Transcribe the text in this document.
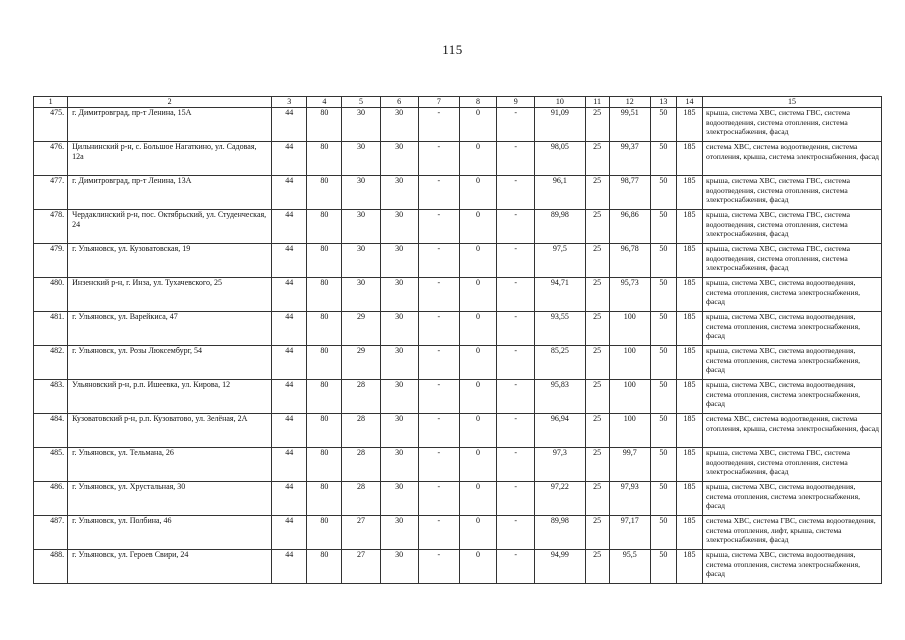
115
1	2	3	4	5	6	7	8	9	10	11	12	13	14	15
475.	г. Димитровград, пр-т Ленина, 15А	44	80	30	30	-	0	-	91,09	25	99,51	50	185	крыша, система ХВС, система ГВС, система водоотведения, система отопления, система электроснабжения, фасад
476.	Цильнинский р-н, с. Большое Нагаткино, ул. Садовая, 12а	44	80	30	30	-	0	-	98,05	25	99,37	50	185	система ХВС, система водоотведения, система отопления, крыша, система электроснабжения, фасад
477.	г. Димитровград, пр-т Ленина, 13А	44	80	30	30	-	0	-	96,1	25	98,77	50	185	крыша, система ХВС, система ГВС, система водоотведения, система отопления, система электроснабжения, фасад
478.	Чердаклинский р-н, пос. Октябрьский, ул. Студенческая, 24	44	80	30	30	-	0	-	89,98	25	96,86	50	185	крыша, система ХВС, система ГВС, система водоотведения, система отопления, система электроснабжения, фасад
479.	г. Ульяновск, ул. Кузоватовская, 19	44	80	30	30	-	0	-	97,5	25	96,78	50	185	крыша, система ХВС, система ГВС, система водоотведения, система отопления, система электроснабжения, фасад
480.	Инзенский р-н, г. Инза, ул. Тухачевского, 25	44	80	30	30	-	0	-	94,71	25	95,73	50	185	крыша, система ХВС, система водоотведения, система отопления, система электроснабжения, фасад
481.	г. Ульяновск, ул. Варейкиса, 47	44	80	29	30	-	0	-	93,55	25	100	50	185	крыша, система ХВС, система водоотведения, система отопления, система электроснабжения, фасад
482.	г. Ульяновск, ул. Розы Люксембург, 54	44	80	29	30	-	0	-	85,25	25	100	50	185	крыша, система ХВС, система водоотведения, система отопления, система электроснабжения, фасад
483.	Ульяновский р-н, р.п. Ишеевка, ул. Кирова, 12	44	80	28	30	-	0	-	95,83	25	100	50	185	крыша, система ХВС, система водоотведения, система отопления, система электроснабжения, фасад
484.	Кузоватовский р-н, р.п. Кузоватово, ул. Зелёная, 2А	44	80	28	30	-	0	-	96,94	25	100	50	185	система ХВС, система водоотведения, система отопления, крыша, система электроснабжения, фасад
485.	г. Ульяновск, ул. Тельмана, 26	44	80	28	30	-	0	-	97,3	25	99,7	50	185	крыша, система ХВС, система ГВС, система водоотведения, система отопления, система электроснабжения, фасад
486.	г. Ульяновск, ул. Хрустальная, 30	44	80	28	30	-	0	-	97,22	25	97,93	50	185	крыша, система ХВС, система водоотведения, система отопления, система электроснабжения, фасад
487.	г. Ульяновск, ул. Полбина, 46	44	80	27	30	-	0	-	89,98	25	97,17	50	185	система ХВС, система ГВС, система водоотведения, система отопления, лифт, крыша, система электроснабжения, фасад
488.	г. Ульяновск, ул. Героев Свири, 24	44	80	27	30	-	0	-	94,99	25	95,5	50	185	крыша, система ХВС, система водоотведения, система отопления, система электроснабжения, фасад
